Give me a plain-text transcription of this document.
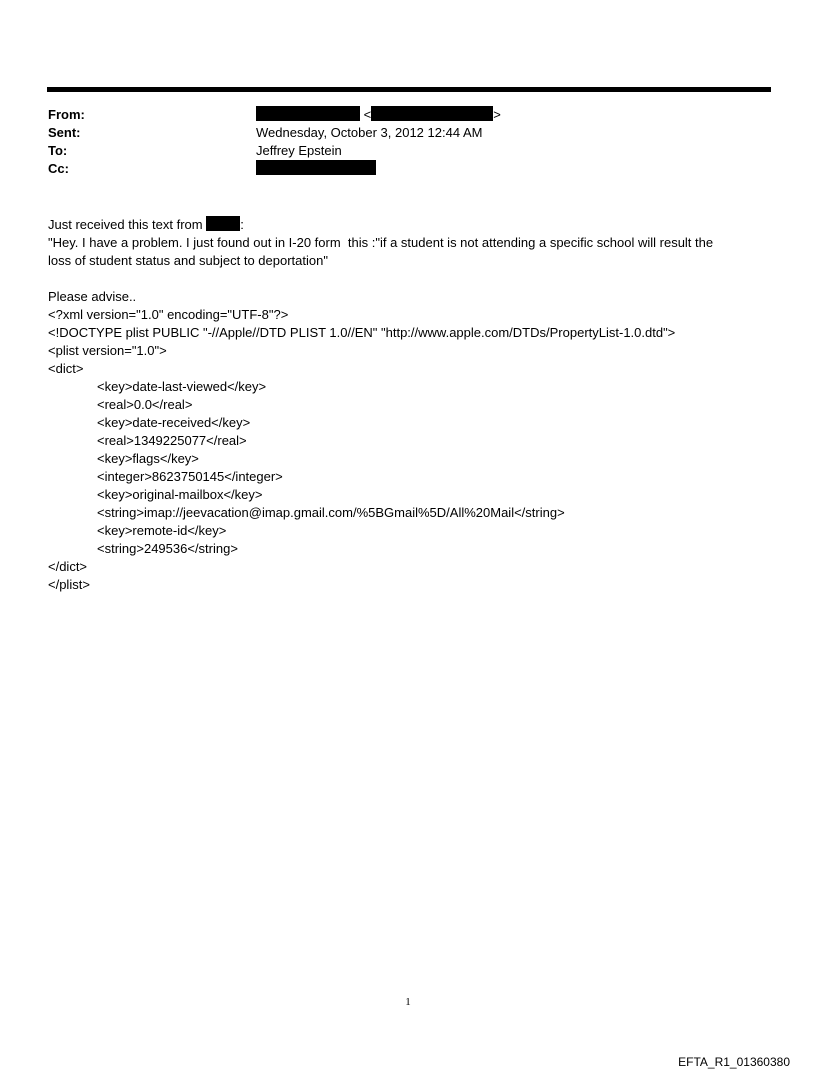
From:	<	>
Sent:	Wednesday, October 3, 2012 12:44 AM
To:	Jeffrey Epstein
Cc:

Just received this text from	:

"Hey. I have a problem. I just found out in I-20 form  this :"if a student is not attending a specific school will result the

loss of student status and subject to deportation"

Please advise..

<?xml version="1.0" encoding="UTF-8"?>

<!DOCTYPE plist PUBLIC "-//Apple//DTD PLIST 1.0//EN" "http://www.apple.com/DTDs/PropertyList-1.0.dtd">

<plist version="1.0">

<dict>

<key>date-last-viewed</key>

<real>0.0</real>

<key>date-received</key>

<real>1349225077</real>

<key>flags</key>

<integer>8623750145</integer>

<key>original-mailbox</key>

<string>imap://jeevacation@imap.gmail.com/%5BGmail%5D/All%20Mail</string>

<key>remote-id</key>

<string>249536</string>

</dict>

</plist>

1
EFTA_R1_01360380
